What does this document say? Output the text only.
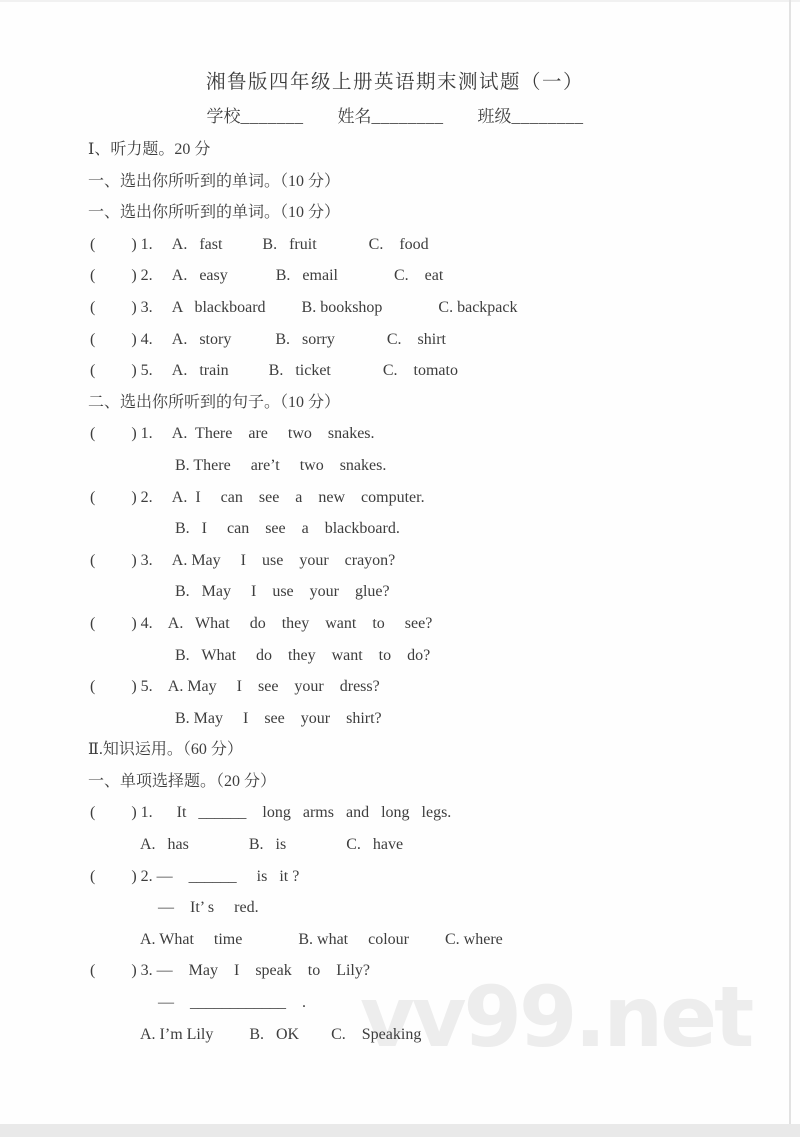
vv99.net
湘鲁版四年级上册英语期末测试题（一）
学校_______ 姓名________ 班级________
Ⅰ、听力题。20 分
一、选出你所听到的单词。（10 分）
一、选出你所听到的单词。（10 分）
(         ) 1.     A.   fast          B.   fruit             C.    food
(         ) 2.     A.   easy            B.   email              C.    eat
(         ) 3.     A   blackboard         B. bookshop              C. backpack
(         ) 4.     A.   story           B.   sorry             C.    shirt
(         ) 5.     A.   train          B.   ticket             C.    tomato
二、选出你所听到的句子。（10 分）
(         ) 1.     A.  There    are     two    snakes.
B. There     are’t     two    snakes.
(         ) 2.     A.  I     can    see    a    new    computer.
B.   I     can    see    a    blackboard.
(         ) 3.     A. May     I    use    your    crayon?
B.   May     I    use    your    glue?
(         ) 4.    A.   What     do    they    want    to     see?
B.   What     do    they    want    to    do?
(         ) 5.    A. May     I    see    your    dress?
B. May     I    see    your    shirt?
Ⅱ.知识运用。（60 分）
一、单项选择题。（20 分）
(         ) 1.      It   ______    long   arms   and   long   legs.
A.   has               B.   is               C.   have
(         ) 2. —    ______     is   it ?
—    It’ s     red.
A. What     time              B. what     colour         C. where
(         ) 3. —    May    I    speak    to    Lily?
—    ____________    .
A. I’m Lily         B.   OK        C.    Speaking
